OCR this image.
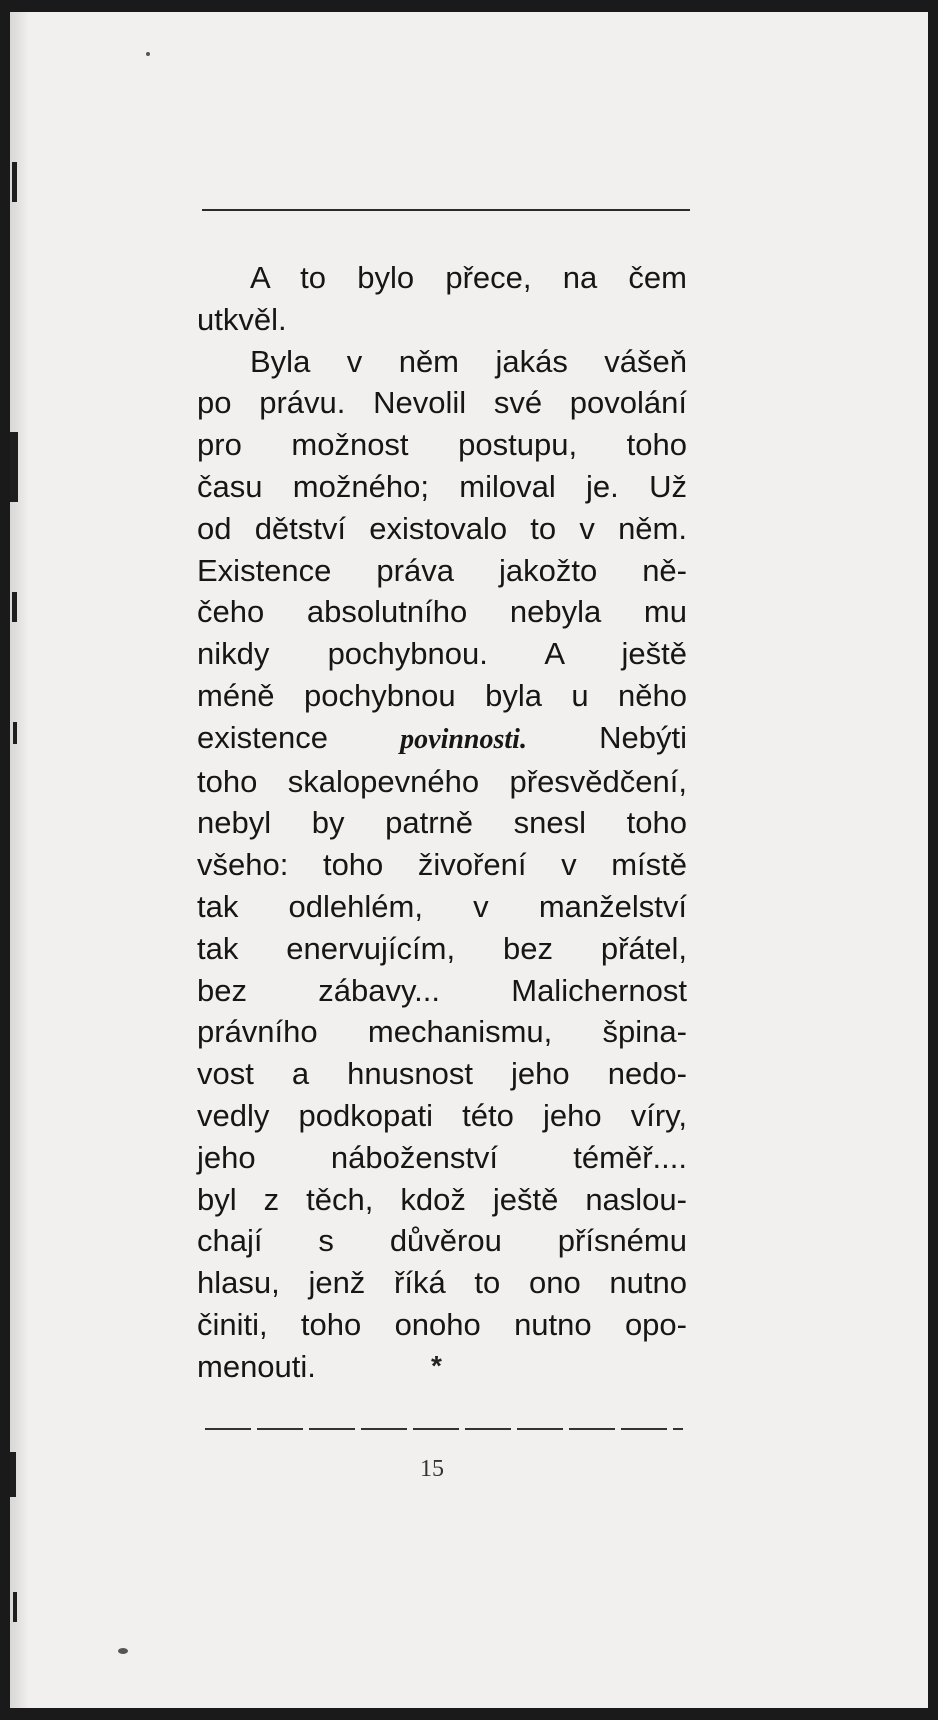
A to bylo přece, na čem
utkvěl.
Byla v něm jakás vášeň
po právu. Nevolil své povolání
pro možnost postupu, toho
času možného; miloval je. Už
od dětství existovalo to v něm.
Existence práva jakožto ně-
čeho absolutního nebyla mu
nikdy pochybnou. A ještě
méně pochybnou byla u něho
existence	povinnosti. Nebýti
toho skalopevného přesvědčení,
nebyl by patrně snesl toho
všeho: toho živoření v místě
tak odlehlém, v manželství
tak enervujícím, bez přátel,
bez zábavy... Malichernost
právního mechanismu, špina-
vost a hnusnost jeho nedo-
vedly podkopati této jeho víry,
jeho náboženství téměř....
byl z těch, kdož ještě naslou-
chají s důvěrou přísnému
hlasu, jenž říká to ono nutno
činiti, toho onoho nutno opo-
menouti.	*
15
